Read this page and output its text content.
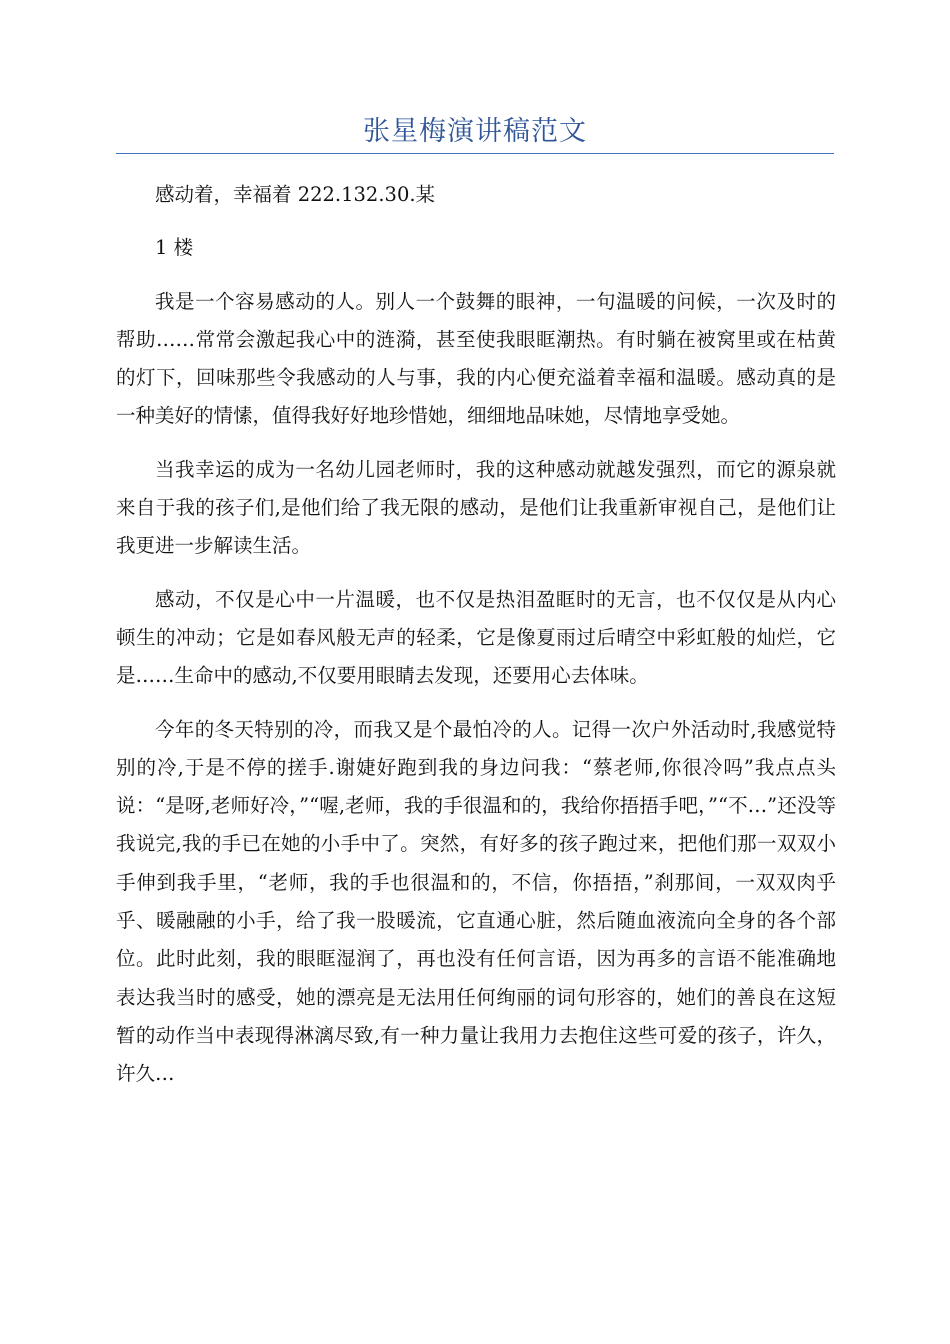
张星梅演讲稿范文

感动着，幸福着 222.132.30.某

1 楼

我是一个容易感动的人。别人一个鼓舞的眼神，一句温暖的问候，一次及时的帮助……常常会激起我心中的涟漪，甚至使我眼眶潮热。有时躺在被窝里或在枯黄的灯下，回味那些令我感动的人与事，我的内心便充溢着幸福和温暖。感动真的是一种美好的情愫，值得我好好地珍惜她，细细地品味她，尽情地享受她。

当我幸运的成为一名幼儿园老师时，我的这种感动就越发强烈，而它的源泉就来自于我的孩子们,是他们给了我无限的感动，是他们让我重新审视自己，是他们让我更进一步解读生活。

感动，不仅是心中一片温暖，也不仅是热泪盈眶时的无言，也不仅仅是从内心顿生的冲动；它是如春风般无声的轻柔，它是像夏雨过后晴空中彩虹般的灿烂，它是……生命中的感动,不仅要用眼睛去发现，还要用心去体味。

今年的冬天特别的冷，而我又是个最怕冷的人。记得一次户外活动时,我感觉特别的冷,于是不停的搓手.谢婕好跑到我的身边问我：“蔡老师,你很冷吗”我点点头说：“是呀,老师好冷，”“喔,老师，我的手很温和的，我给你捂捂手吧，”“不…”还没等我说完,我的手已在她的小手中了。突然，有好多的孩子跑过来，把他们那一双双小手伸到我手里，“老师，我的手也很温和的，不信，你捂捂，”刹那间，一双双肉乎乎、暖融融的小手，给了我一股暖流，它直通心脏，然后随血液流向全身的各个部位。此时此刻，我的眼眶湿润了，再也没有任何言语，因为再多的言语不能准确地表达我当时的感受，她的漂亮是无法用任何绚丽的词句形容的，她们的善良在这短暂的动作当中表现得淋漓尽致,有一种力量让我用力去抱住这些可爱的孩子，许久，许久…
